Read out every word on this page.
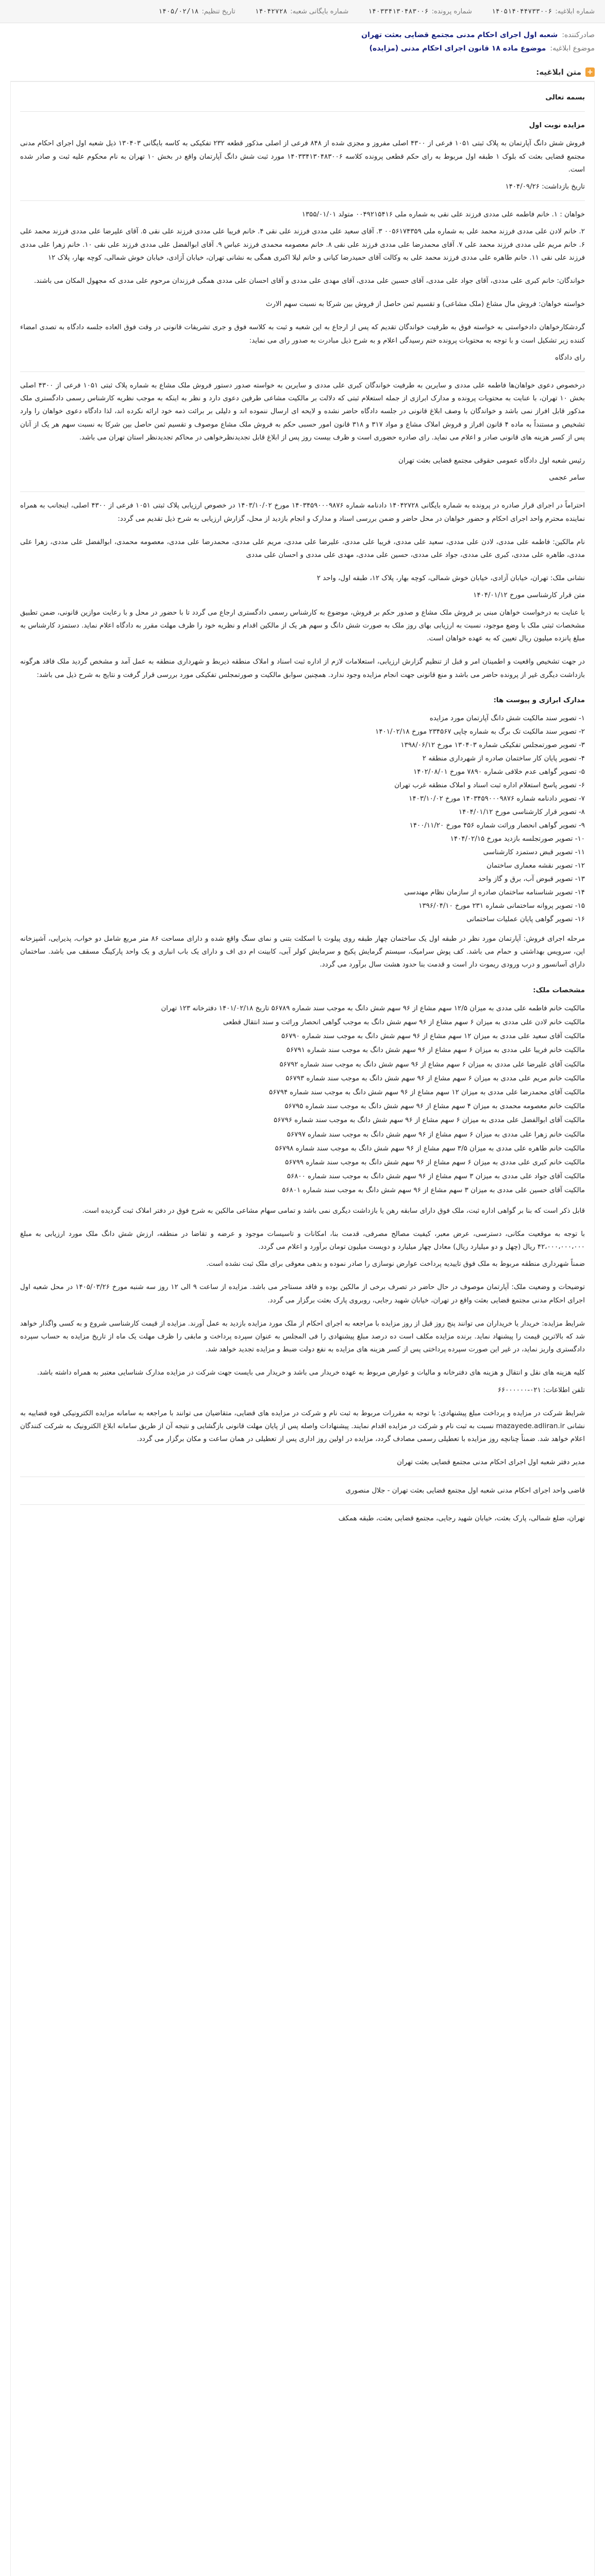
شماره ابلاغیه:
۱۴۰۵۱۴۰۴۴۷۳۳۰۰۶
شماره پرونده:
۱۴۰۳۳۴۱۳۰۴۸۳۰۰۶
شماره بایگانی شعبه:
۱۴۰۴۲۷۲۸
تاریخ تنظیم:
۱۴۰۵/۰۲/۱۸
صادرکننده:
شعبه اول اجرای احکام مدنی مجتمع قضایی بعثت تهران
موضوع ابلاغیه:
موضوع ماده ۱۸ قانون اجرای احکام مدنی (مزایده)
+
متن ابلاغیه:

بسمه تعالی

مزایده نوبت اول

فروش شش دانگ آپارتمان به پلاک ثبتی ۱۰۵۱ فرعی از ۴۳۰۰ اصلی مفروز و مجزی شده از ۸۴۸ فرعی از اصلی مذکور قطعه ۲۳۲ تفکیکی به کاسه بایگانی ۱۳۰۴۰۳ ذیل شعبه اول اجرای احکام مدنی مجتمع قضایی بعثت که بلوک ۱ طبقه اول مربوط به رای حکم قطعی پرونده کلاسه ۱۴۰۳۳۴۱۳۰۴۸۳۰۰۶ مورد ثبت شش دانگ آپارتمان واقع در بخش ۱۰ تهران به نام محکوم علیه ثبت و صادر شده است.

تاریخ بازداشت: ۱۴۰۴/۰۹/۲۶

خواهان : ۱. خانم فاطمه علی مددی فرزند علی نقی به شماره ملی ۰۰۴۹۲۱۵۴۱۶ متولد ۱۳۵۵/۰۱/۰۱

۲. خانم لادن علی مددی فرزند محمد علی به شماره ملی ۰۰۵۶۱۷۴۳۵۹ ۳. آقای سعید علی مددی فرزند علی نقی ۴. خانم فریبا علی مددی فرزند علی نقی ۵. آقای علیرضا علی مددی فرزند محمد علی ۶. خانم مریم علی مددی فرزند محمد علی ۷. آقای محمدرضا علی مددی فرزند علی نقی ۸. خانم معصومه محمدی فرزند عباس ۹. آقای ابوالفضل علی مددی فرزند علی نقی ۱۰. خانم زهرا علی مددی فرزند علی نقی ۱۱. خانم طاهره علی مددی فرزند محمد علی به وکالت آقای حمیدرضا کیانی و خانم لیلا اکبری همگی به نشانی تهران، خیابان آزادی، خیابان خوش شمالی، کوچه بهار، پلاک ۱۲

خواندگان: خانم کبری علی مددی، آقای جواد علی مددی، آقای حسین علی مددی، آقای مهدی علی مددی و آقای احسان علی مددی همگی فرزندان مرحوم علی مددی که مجهول المکان می باشند.

خواسته خواهان: فروش مال مشاع (ملک مشاعی) و تقسیم ثمن حاصل از فروش بین شرکا به نسبت سهم الارث

گردشکارخواهان دادخواستی به خواسته فوق به طرفیت خواندگان تقدیم که پس از ارجاع به این شعبه و ثبت به کلاسه فوق و جری تشریفات قانونی در وقت فوق العاده جلسه دادگاه به تصدی امضاء کننده زیر تشکیل است و با توجه به محتویات پرونده ختم رسیدگی اعلام و به شرح ذیل مبادرت به صدور رای می نماید:

رای دادگاه

درخصوص دعوی خواهان‌ها فاطمه علی مددی و سایرین به طرفیت خواندگان کبری علی مددی و سایرین به خواسته صدور دستور فروش ملک مشاع به شماره پلاک ثبتی ۱۰۵۱ فرعی از ۴۳۰۰ اصلی بخش ۱۰ تهران، با عنایت به محتویات پرونده و مدارک ابرازی از جمله استعلام ثبتی که دلالت بر مالکیت مشاعی طرفین دعوی دارد و نظر به اینکه به موجب نظریه کارشناس رسمی دادگستری ملک مذکور قابل افراز نمی باشد و خواندگان با وصف ابلاغ قانونی در جلسه دادگاه حاضر نشده و لایحه ای ارسال ننموده اند و دلیلی بر برائت ذمه خود ارائه نکرده اند، لذا دادگاه دعوی خواهان را وارد تشخیص و مستنداً به ماده ۴ قانون افراز و فروش املاک مشاع و مواد ۳۱۷ و ۳۱۸ قانون امور حسبی حکم به فروش ملک مشاع موصوف و تقسیم ثمن حاصل بین شرکا به نسبت سهم هر یک از آنان پس از کسر هزینه های قانونی صادر و اعلام می نماید. رای صادره حضوری است و ظرف بیست روز پس از ابلاغ قابل تجدیدنظرخواهی در محاکم تجدیدنظر استان تهران می باشد.

رئیس شعبه اول دادگاه عمومی حقوقی مجتمع قضایی بعثت تهران

سامر عجمی

احتراماً در اجرای قرار صادره در پرونده به شماره بایگانی ۱۴۰۴۲۷۲۸ دادنامه شماره ۱۴۰۳۴۵۹۰۰۰۹۸۷۶ مورخ ۱۴۰۳/۱۰/۰۲ در خصوص ارزیابی پلاک ثبتی ۱۰۵۱ فرعی از ۴۳۰۰ اصلی، اینجانب به همراه نماینده محترم واحد اجرای احکام و حضور خواهان در محل حاضر و ضمن بررسی اسناد و مدارک و انجام بازدید از محل، گزارش ارزیابی به شرح ذیل تقدیم می گردد:

نام مالکین: فاطمه علی مددی، لادن علی مددی، سعید علی مددی، فریبا علی مددی، علیرضا علی مددی، مریم علی مددی، محمدرضا علی مددی، معصومه محمدی، ابوالفضل علی مددی، زهرا علی مددی، طاهره علی مددی، کبری علی مددی، جواد علی مددی، حسین علی مددی، مهدی علی مددی و احسان علی مددی

نشانی ملک: تهران، خیابان آزادی، خیابان خوش شمالی، کوچه بهار، پلاک ۱۲، طبقه اول، واحد ۲

متن قرار کارشناسی مورخ ۱۴۰۴/۰۱/۱۲

با عنایت به درخواست خواهان مبنی بر فروش ملک مشاع و صدور حکم بر فروش، موضوع به کارشناس رسمی دادگستری ارجاع می گردد تا با حضور در محل و با رعایت موازین قانونی، ضمن تطبیق مشخصات ثبتی ملک با وضع موجود، نسبت به ارزیابی بهای روز ملک به صورت شش دانگ و سهم هر یک از مالکین اقدام و نظریه خود را ظرف مهلت مقرر به دادگاه اعلام نماید. دستمزد کارشناس به مبلغ پانزده میلیون ریال تعیین که به عهده خواهان است.

در جهت تشخیص واقعیت و اطمینان امر و قبل از تنظیم گزارش ارزیابی، استعلامات لازم از اداره ثبت اسناد و املاک منطقه ذیربط و شهرداری منطقه به عمل آمد و مشخص گردید ملک فاقد هرگونه بازداشت دیگری غیر از پرونده حاضر می باشد و منع قانونی جهت انجام مزایده وجود ندارد. همچنین سوابق مالکیت و صورتمجلس تفکیکی مورد بررسی قرار گرفت و نتایج به شرح ذیل می باشد:

مدارک ابرازی و پیوست ها:

۱- تصویر سند مالکیت شش دانگ آپارتمان مورد مزایده

۲- تصویر سند مالکیت تک برگ به شماره چاپی ۲۳۴۵۶۷ مورخ ۱۴۰۱/۰۲/۱۸

۳- تصویر صورتمجلس تفکیکی شماره ۱۳۰۴۰۳ مورخ ۱۳۹۸/۰۶/۱۲

۴- تصویر پایان کار ساختمان صادره از شهرداری منطقه ۲

۵- تصویر گواهی عدم خلافی شماره ۷۸۹۰ مورخ ۱۴۰۲/۰۸/۰۱

۶- تصویر پاسخ استعلام اداره ثبت اسناد و املاک منطقه غرب تهران

۷- تصویر دادنامه شماره ۱۴۰۳۴۵۹۰۰۰۹۸۷۶ مورخ ۱۴۰۳/۱۰/۰۲

۸- تصویر قرار کارشناسی مورخ ۱۴۰۴/۰۱/۱۲

۹- تصویر گواهی انحصار وراثت شماره ۴۵۶ مورخ ۱۴۰۰/۱۱/۲۰

۱۰- تصویر صورتجلسه بازدید مورخ ۱۴۰۴/۰۲/۱۵

۱۱- تصویر قبض دستمزد کارشناسی

۱۲- تصویر نقشه معماری ساختمان

۱۳- تصویر قبوض آب، برق و گاز واحد

۱۴- تصویر شناسنامه ساختمان صادره از سازمان نظام مهندسی

۱۵- تصویر پروانه ساختمانی شماره ۲۳۱ مورخ ۱۳۹۶/۰۴/۱۰

۱۶- تصویر گواهی پایان عملیات ساختمانی

مرحله اجرای فروش: آپارتمان مورد نظر در طبقه اول یک ساختمان چهار طبقه روی پیلوت با اسکلت بتنی و نمای سنگ واقع شده و دارای مساحت ۸۶ متر مربع شامل دو خواب، پذیرایی، آشپزخانه اپن، سرویس بهداشتی و حمام می باشد. کف پوش سرامیک، سیستم گرمایش پکیج و سرمایش کولر آبی، کابینت ام دی اف و دارای یک باب انباری و یک واحد پارکینگ مسقف می باشد. ساختمان دارای آسانسور و درب ورودی ریموت دار است و قدمت بنا حدود هشت سال برآورد می گردد.

مشخصات ملک:

مالکیت خانم فاطمه علی مددی به میزان ۱۲/۵ سهم مشاع از ۹۶ سهم شش دانگ به موجب سند شماره ۵۶۷۸۹ تاریخ ۱۴۰۱/۰۲/۱۸ دفترخانه ۱۲۳ تهران

مالکیت خانم لادن علی مددی به میزان ۶ سهم مشاع از ۹۶ سهم شش دانگ به موجب گواهی انحصار وراثت و سند انتقال قطعی

مالکیت آقای سعید علی مددی به میزان ۱۲ سهم مشاع از ۹۶ سهم شش دانگ به موجب سند شماره ۵۶۷۹۰

مالکیت خانم فریبا علی مددی به میزان ۶ سهم مشاع از ۹۶ سهم شش دانگ به موجب سند شماره ۵۶۷۹۱

مالکیت آقای علیرضا علی مددی به میزان ۶ سهم مشاع از ۹۶ سهم شش دانگ به موجب سند شماره ۵۶۷۹۲

مالکیت خانم مریم علی مددی به میزان ۶ سهم مشاع از ۹۶ سهم شش دانگ به موجب سند شماره ۵۶۷۹۳

مالکیت آقای محمدرضا علی مددی به میزان ۱۲ سهم مشاع از ۹۶ سهم شش دانگ به موجب سند شماره ۵۶۷۹۴

مالکیت خانم معصومه محمدی به میزان ۴ سهم مشاع از ۹۶ سهم شش دانگ به موجب سند شماره ۵۶۷۹۵

مالکیت آقای ابوالفضل علی مددی به میزان ۶ سهم مشاع از ۹۶ سهم شش دانگ به موجب سند شماره ۵۶۷۹۶

مالکیت خانم زهرا علی مددی به میزان ۶ سهم مشاع از ۹۶ سهم شش دانگ به موجب سند شماره ۵۶۷۹۷

مالکیت خانم طاهره علی مددی به میزان ۳/۵ سهم مشاع از ۹۶ سهم شش دانگ به موجب سند شماره ۵۶۷۹۸

مالکیت خانم کبری علی مددی به میزان ۶ سهم مشاع از ۹۶ سهم شش دانگ به موجب سند شماره ۵۶۷۹۹

مالکیت آقای جواد علی مددی به میزان ۳ سهم مشاع از ۹۶ سهم شش دانگ به موجب سند شماره ۵۶۸۰۰

مالکیت آقای حسین علی مددی به میزان ۳ سهم مشاع از ۹۶ سهم شش دانگ به موجب سند شماره ۵۶۸۰۱

قابل ذکر است که بنا بر گواهی اداره ثبت، ملک فوق دارای سابقه رهن یا بازداشت دیگری نمی باشد و تمامی سهام مشاعی مالکین به شرح فوق در دفتر املاک ثبت گردیده است.

با توجه به موقعیت مکانی، دسترسی، عرض معبر، کیفیت مصالح مصرفی، قدمت بنا، امکانات و تاسیسات موجود و عرضه و تقاضا در منطقه، ارزش شش دانگ ملک مورد ارزیابی به مبلغ ۴۲،۰۰۰،۰۰۰،۰۰۰ ریال (چهل و دو میلیارد ریال) معادل چهار میلیارد و دویست میلیون تومان برآورد و اعلام می گردد.

ضمناً شهرداری منطقه مربوط به ملک فوق تاییدیه پرداخت عوارض نوسازی را صادر نموده و بدهی معوقی برای ملک ثبت نشده است.

توضیحات و وضعیت ملک: آپارتمان موصوف در حال حاضر در تصرف برخی از مالکین بوده و فاقد مستاجر می باشد. مزایده از ساعت ۹ الی ۱۲ روز سه شنبه مورخ ۱۴۰۵/۰۳/۲۶ در محل شعبه اول اجرای احکام مدنی مجتمع قضایی بعثت واقع در تهران، خیابان شهید رجایی، روبروی پارک بعثت برگزار می گردد.

شرایط مزایده: خریدار یا خریداران می توانند پنج روز قبل از روز مزایده با مراجعه به اجرای احکام از ملک مورد مزایده بازدید به عمل آورند. مزایده از قیمت کارشناسی شروع و به کسی واگذار خواهد شد که بالاترین قیمت را پیشنهاد نماید. برنده مزایده مکلف است ده درصد مبلغ پیشنهادی را فی المجلس به عنوان سپرده پرداخت و مابقی را ظرف مهلت یک ماه از تاریخ مزایده به حساب سپرده دادگستری واریز نماید، در غیر این صورت سپرده پرداختی پس از کسر هزینه های مزایده به نفع دولت ضبط و مزایده تجدید خواهد شد.

کلیه هزینه های نقل و انتقال و هزینه های دفترخانه و مالیات و عوارض مربوط به عهده خریدار می باشد و خریدار می بایست جهت شرکت در مزایده مدارک شناسایی معتبر به همراه داشته باشد.

تلفن اطلاعات: ۰۲۱-۶۶۰۰۰۰۰۰

شرایط شرکت در مزایده و پرداخت مبلغ پیشنهادی: با توجه به مقررات مربوط به ثبت نام و شرکت در مزایده های قضایی، متقاضیان می توانند با مراجعه به سامانه مزایده الکترونیکی قوه قضاییه به نشانی mazayede.adliran.ir نسبت به ثبت نام و شرکت در مزایده اقدام نمایند. پیشنهادات واصله پس از پایان مهلت قانونی بازگشایی و نتیجه آن از طریق سامانه ابلاغ الکترونیک به شرکت کنندگان اعلام خواهد شد. ضمناً چنانچه روز مزایده با تعطیلی رسمی مصادف گردد، مزایده در اولین روز اداری پس از تعطیلی در همان ساعت و مکان برگزار می گردد.

مدیر دفتر شعبه اول اجرای احکام مدنی مجتمع قضایی بعثت تهران

قاضی واحد اجرای احکام مدنی شعبه اول مجتمع قضایی بعثت تهران - جلال منصوری

تهران، ضلع شمالی، پارک بعثت، خیابان شهید رجایی، مجتمع قضایی بعثت، طبقه همکف
